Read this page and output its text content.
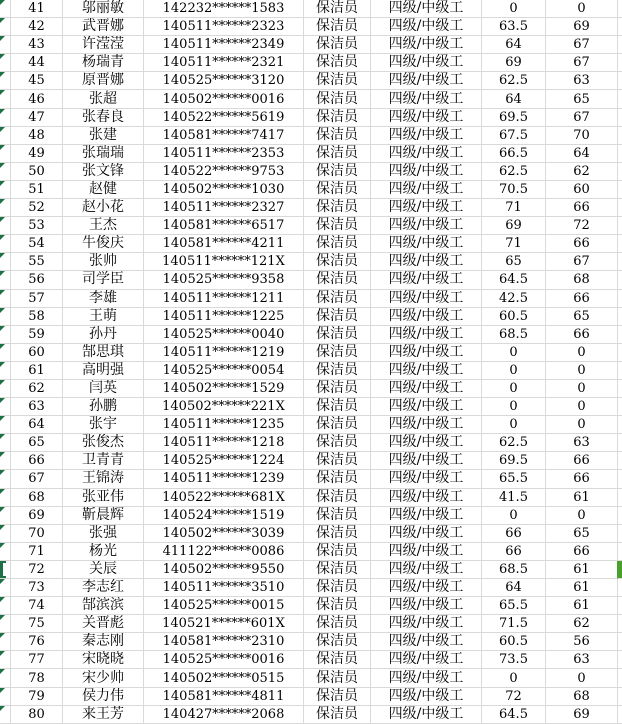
41	邬丽敏	142232******1583	保洁员	四级/中级工	0	0
42	武晋娜	140511******2323	保洁员	四级/中级工	63.5	69
43	许滢滢	140511******2349	保洁员	四级/中级工	64	67
44	杨瑞青	140511******2321	保洁员	四级/中级工	69	67
45	原晋娜	140525******3120	保洁员	四级/中级工	62.5	63
46	张超	140502******0016	保洁员	四级/中级工	64	65
47	张春良	140522******5619	保洁员	四级/中级工	69.5	67
48	张建	140581******7417	保洁员	四级/中级工	67.5	70
49	张瑞瑞	140511******2353	保洁员	四级/中级工	66.5	64
50	张文锋	140522******9753	保洁员	四级/中级工	62.5	62
51	赵健	140502******1030	保洁员	四级/中级工	70.5	60
52	赵小花	140511******2327	保洁员	四级/中级工	71	66
53	王杰	140581******6517	保洁员	四级/中级工	69	72
54	牛俊庆	140581******4211	保洁员	四级/中级工	71	66
55	张帅	140511******121X	保洁员	四级/中级工	65	67
56	司学臣	140525******9358	保洁员	四级/中级工	64.5	68
57	李雄	140511******1211	保洁员	四级/中级工	42.5	66
58	王萌	140511******1225	保洁员	四级/中级工	60.5	65
59	孙丹	140525******0040	保洁员	四级/中级工	68.5	66
60	郜思琪	140511******1219	保洁员	四级/中级工	0	0
61	高明强	140525******0054	保洁员	四级/中级工	0	0
62	闫英	140502******1529	保洁员	四级/中级工	0	0
63	孙鹏	140502******221X	保洁员	四级/中级工	0	0
64	张宇	140511******1235	保洁员	四级/中级工	0	0
65	张俊杰	140511******1218	保洁员	四级/中级工	62.5	63
66	卫青青	140525******1224	保洁员	四级/中级工	69.5	66
67	王锦涛	140511******1239	保洁员	四级/中级工	65.5	66
68	张亚伟	140522******681X	保洁员	四级/中级工	41.5	61
69	靳晨辉	140524******1519	保洁员	四级/中级工	0	0
70	张强	140502******3039	保洁员	四级/中级工	66	65
71	杨光	411122******0086	保洁员	四级/中级工	66	66
72	关辰	140502******9550	保洁员	四级/中级工	68.5	61
73	李志红	140511******3510	保洁员	四级/中级工	64	61
74	郜滨滨	140525******0015	保洁员	四级/中级工	65.5	61
75	关晋彪	140521******601X	保洁员	四级/中级工	71.5	62
76	秦志刚	140581******2310	保洁员	四级/中级工	60.5	56
77	宋晓晓	140525******0016	保洁员	四级/中级工	73.5	63
78	宋少帅	140502******0515	保洁员	四级/中级工	0	0
79	侯力伟	140581******4811	保洁员	四级/中级工	72	68
80	来王芳	140427******2068	保洁员	四级/中级工	64.5	69
